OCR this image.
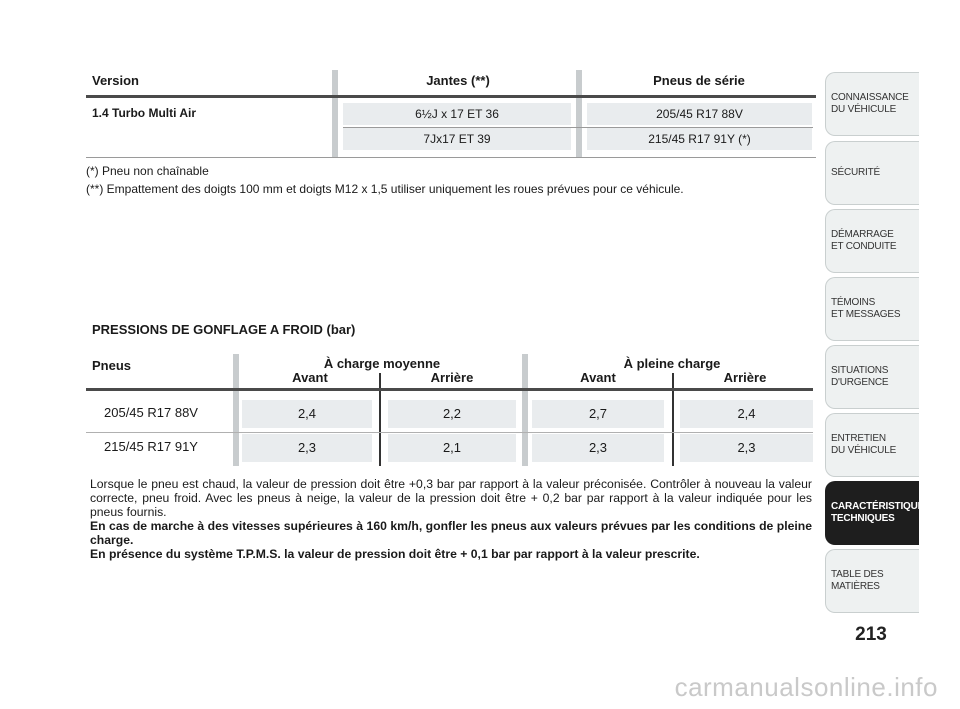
Version	Jantes (**)	Pneus de série
1.4 Turbo Multi Air	6½J x 17 ET 36	205/45 R17 88V
7Jx17 ET 39	215/45 R17 91Y (*)
(*) Pneu non chaînable
(**) Empattement des doigts 100 mm et doigts M12 x 1,5 utiliser uniquement les roues prévues pour ce véhicule.
PRESSIONS DE GONFLAGE A FROID (bar)
Pneus	À charge moyenne	À pleine charge
Avant	Arrière	Avant	Arrière
205/45 R17 88V	2,4	2,2	2,7	2,4
215/45 R17 91Y	2,3	2,1	2,3	2,3

Lorsque le pneu est chaud, la valeur de pression doit être +0,3 bar par rapport à la valeur préconisée. Contrôler à nouveau la valeur correcte, pneu froid. Avec les pneus à neige, la valeur de la pression doit être + 0,2 bar par rapport à la valeur indiquée pour les pneus fournis.

En cas de marche à des vitesses supérieures à 160 km/h, gonfler les pneus aux valeurs prévues par les conditions de pleine charge.

En présence du système T.P.M.S. la valeur de pression doit être + 0,1 bar par rapport à la valeur prescrite.

CONNAISSANCE
DU VÉHICULE
SÉCURITÉ
DÉMARRAGE
ET CONDUITE
TÉMOINS
ET MESSAGES
SITUATIONS
D'URGENCE
ENTRETIEN
DU VÉHICULE
CARACTÉRISTIQUES
TECHNIQUES
TABLE DES
MATIÈRES
213
carmanualsonline.info
